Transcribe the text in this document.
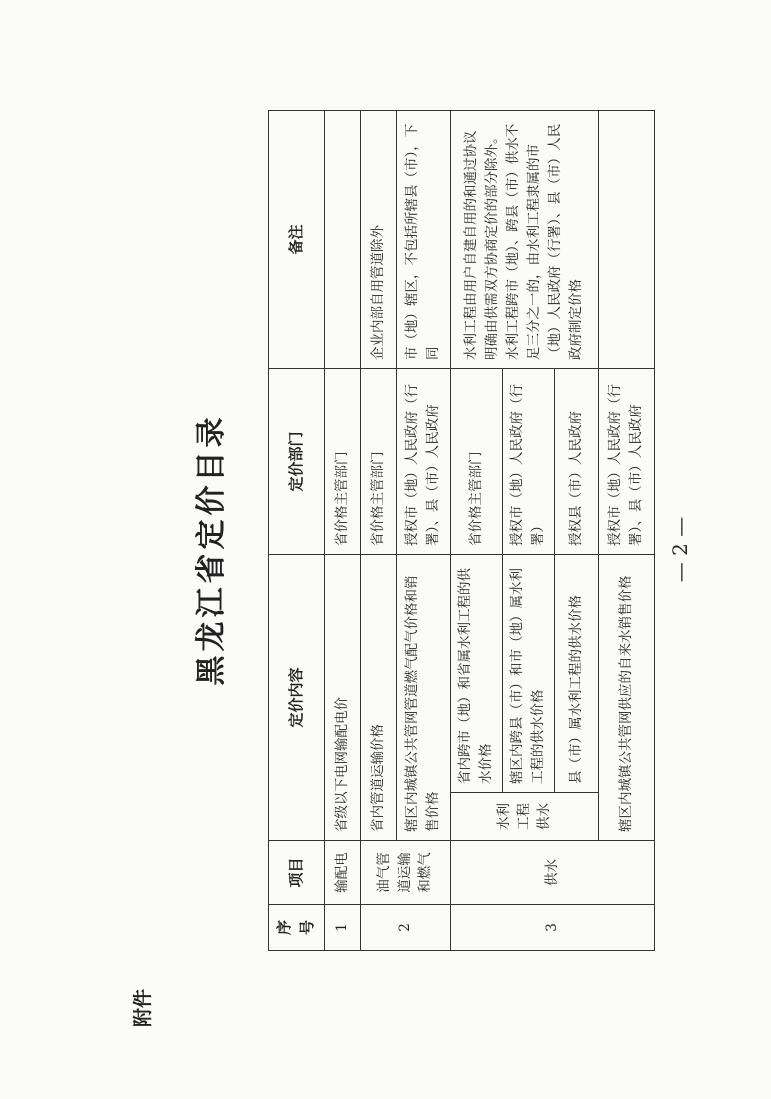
附件
黑龙江省定价目录
序号	项目	定价内容		定价部门	备注
1	输配电	省级以下电网输配电价		省价格主管部门	
2	油气管道运输和燃气	省内管道运输价格		省价格主管部门	企业内部自用管道除外
		辖区内城镇公共管网管道燃气配气价格和销售价格		授权市（地）人民政府（行署）、县（市）人民政府	市（地）辖区，不包括所辖县（市），下同
3	供水	水利工程供水	省内跨市（地）和省属水利工程的供水价格	省价格主管部门	水利工程由用户自建自用的和通过协议明确由供需双方协商定价的部分除外。水利工程跨市（地）、跨县（市）供水不足三分之一的，由水利工程隶属的市（地）人民政府（行署）、县（市）人民政府制定价格
			辖区内跨县（市）和市（地）属水利工程的供水价格	授权市（地）人民政府（行署）	
			县（市）属水利工程的供水价格	授权县（市）人民政府	
		辖区内城镇公共管网供应的自来水销售价格		授权市（地）人民政府（行署）、县（市）人民政府	
— 2 —
